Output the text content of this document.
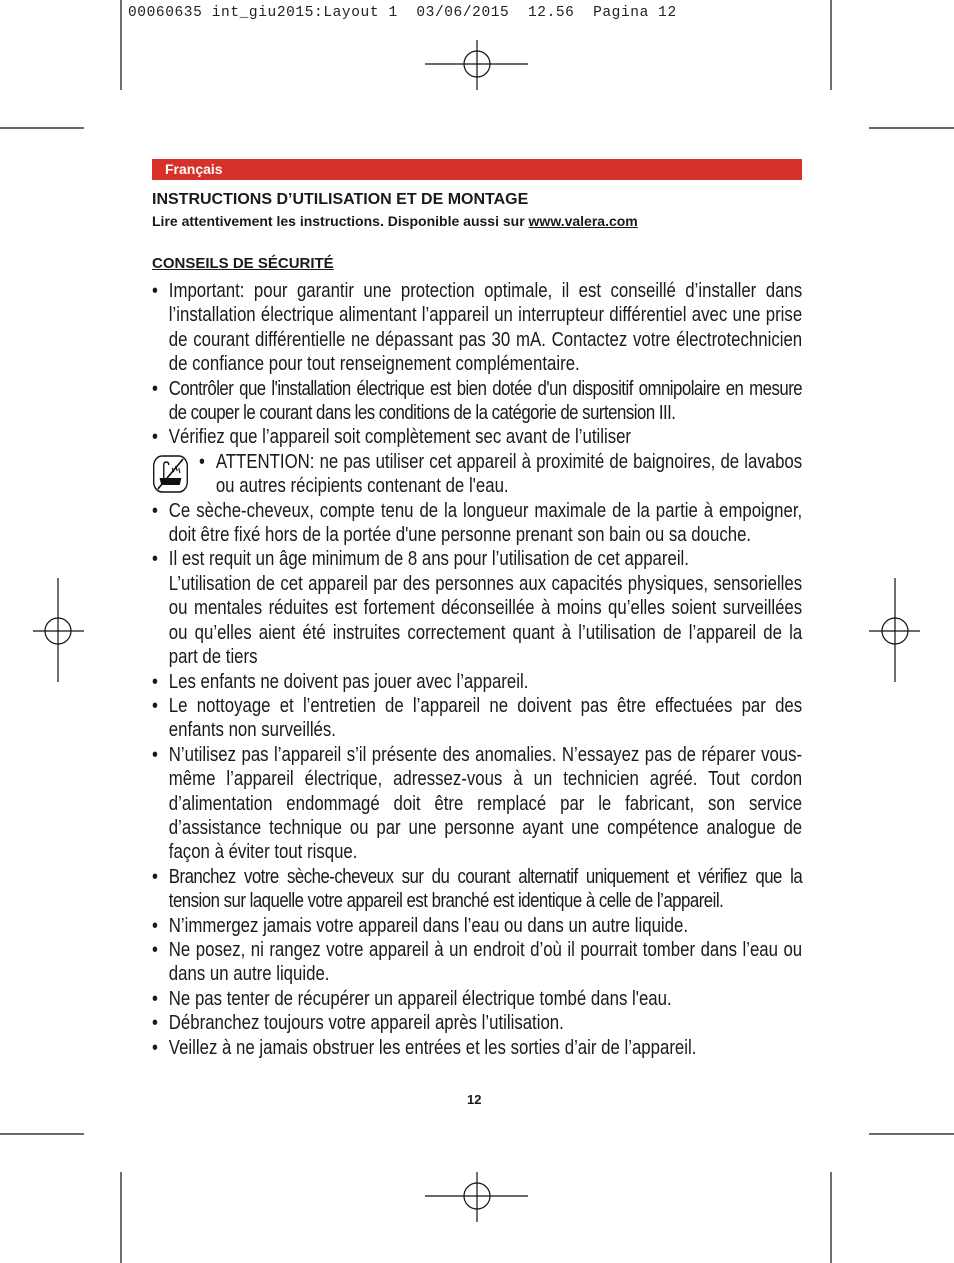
00060635 int_giu2015:Layout 1  03/06/2015  12.56  Pagina 12
Français
INSTRUCTIONS D’UTILISATION ET DE MONTAGE

Lire attentivement les instructions. Disponible aussi sur www.valera.com

CONSEILS DE SÉCURITÉ
• Important: pour garantir une protection optimale, il est conseillé d’installer dans l’installation électrique alimentant l’appareil un interrupteur différentiel avec une prise de courant différentielle ne dépassant pas 30 mA. Contactez votre électrotechnicien de confiance pour tout renseignement complémentaire.
• Contrôler que l'installation électrique est bien dotée d'un dispositif omnipolaire en mesure de couper le courant dans les conditions de la catégorie de surtension III.
• Vérifiez que l’appareil soit complètement sec avant de l’utiliser
• ATTENTION: ne pas utiliser cet appareil à proximité de baignoires, de lavabos ou autres récipients contenant de l'eau.
• Ce sèche-cheveux, compte tenu de la longueur maximale de la partie à empoigner, doit être fixé hors de la portée d'une personne prenant son bain ou sa douche.
• Il est requit un âge minimum de 8 ans pour l’utilisation de cet appareil.
L’utilisation de cet appareil par des personnes aux capacités physiques, sensorielles ou mentales réduites est fortement déconseillée à moins qu’elles soient surveillées ou qu’elles aient été instruites correctement quant à l’utilisation de l’appareil de la part de tiers
• Les enfants ne doivent pas jouer avec l’appareil.
• Le nottoyage et l’entretien de l’appareil ne doivent pas être effectuées par des enfants non surveillés.
• N’utilisez pas l’appareil s’il présente des anomalies. N’essayez pas de réparer vous-même l’appareil électrique, adressez-vous à un technicien agréé. Tout cordon d’alimentation endommagé doit être remplacé par le fabricant, son service d’assistance technique ou par une personne ayant une compétence analogue de façon à éviter tout risque.
• Branchez votre sèche-cheveux sur du courant alternatif uniquement et vérifiez que la tension sur laquelle votre appareil est branché est identique à celle de l’appareil.
• N’immergez jamais votre appareil dans l’eau ou dans un autre liquide.
• Ne posez, ni rangez votre appareil à un endroit d’où il pourrait tomber dans l’eau ou dans un autre liquide.
• Ne pas tenter de récupérer un appareil électrique tombé dans l'eau.
• Débranchez toujours votre appareil après l’utilisation.
• Veillez à ne jamais obstruer les entrées et les sorties d’air de l’appareil.
12
